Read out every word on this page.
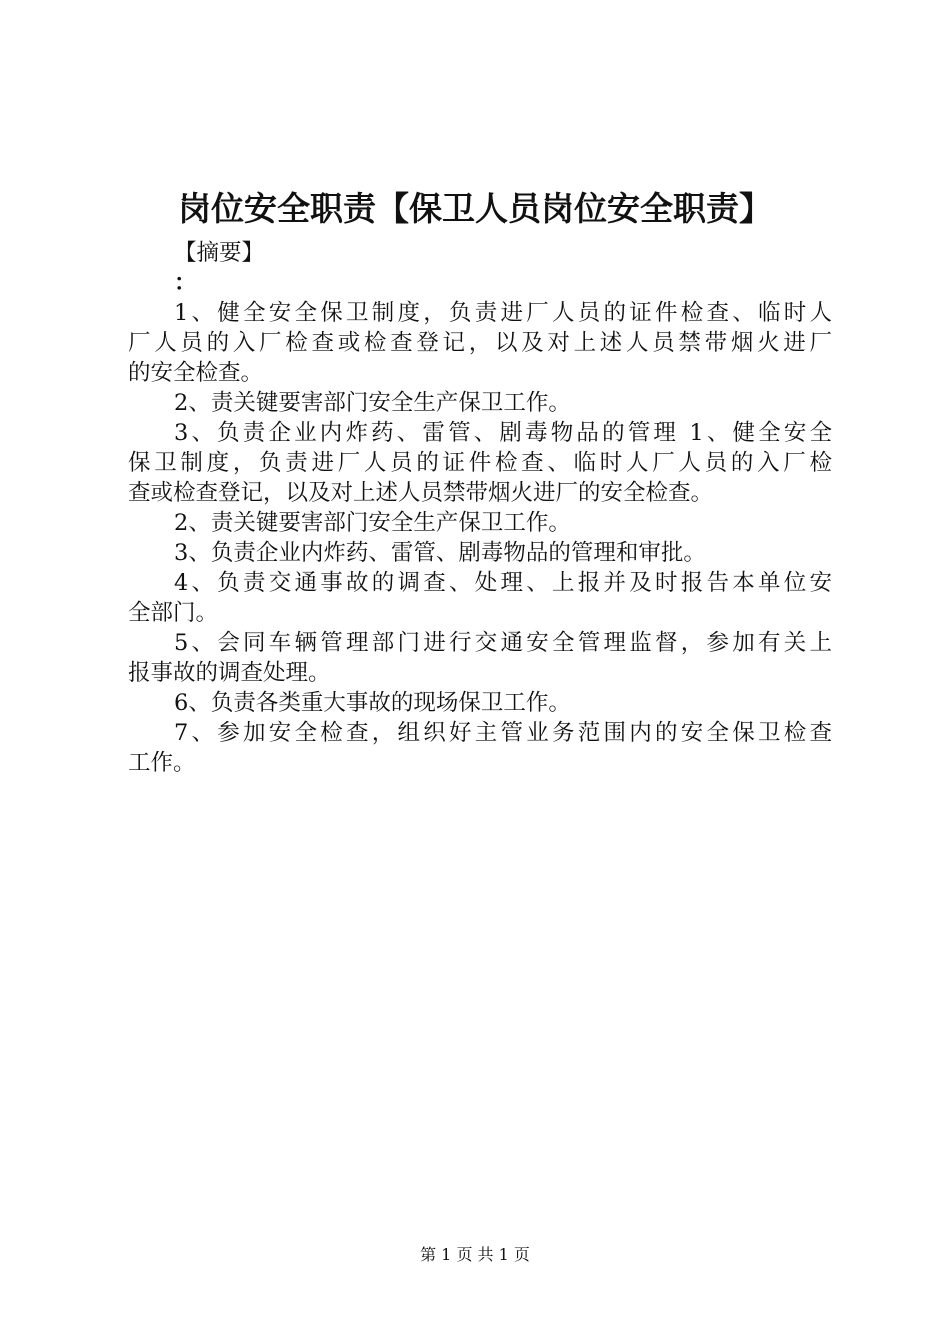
岗位安全职责【保卫人员岗位安全职责】
【摘要】
：
1、健全安全保卫制度，负责进厂人员的证件检查、临时人
厂人员的入厂检查或检查登记，以及对上述人员禁带烟火进厂
的安全检查。
2、责关键要害部门安全生产保卫工作。
3、负责企业内炸药、雷管、剧毒物品的管理 1、健全安全
保卫制度，负责进厂人员的证件检查、临时人厂人员的入厂检
查或检查登记，以及对上述人员禁带烟火进厂的安全检查。
2、责关键要害部门安全生产保卫工作。
3、负责企业内炸药、雷管、剧毒物品的管理和审批。
4、负责交通事故的调查、处理、上报并及时报告本单位安
全部门。
5、会同车辆管理部门进行交通安全管理监督，参加有关上
报事故的调查处理。
6、负责各类重大事故的现场保卫工作。
7、参加安全检查，组织好主管业务范围内的安全保卫检查
工作。
第 1 页 共 1 页
